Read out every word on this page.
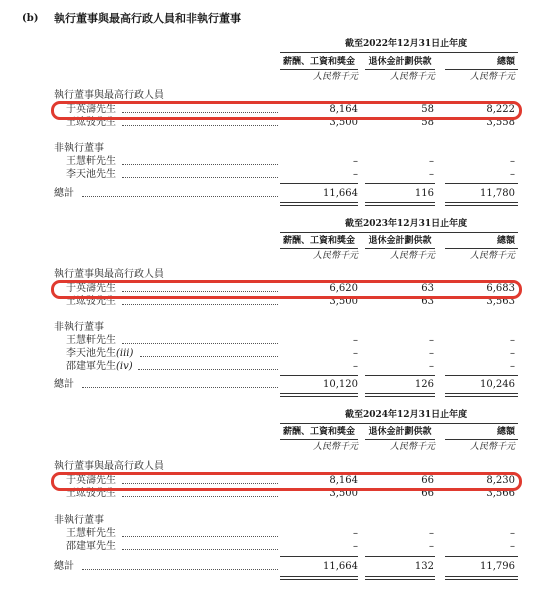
(b) 執行董事與最高行政人員和非執行董事
截至2022年12月31日止年度
薪酬、工資和獎金	退休金計劃供款	總額
人民幣千元	人民幣千元	人民幣千元
執行董事與最高行政人員
于英濤先生	8,164	58	8,222
王竑弢先生	3,500	58	3,558
非執行董事
王慧軒先生	–	–	–
李天池先生	–	–	–
總計	11,664	116	11,780
截至2023年12月31日止年度
薪酬、工資和獎金	退休金計劃供款	總額
人民幣千元	人民幣千元	人民幣千元
執行董事與最高行政人員
于英濤先生	6,620	63	6,683
王竑弢先生	3,500	63	3,563
非執行董事
王慧軒先生	–	–	–
李天池先生(iii)	–	–	–
邵建軍先生(iv)	–	–	–
總計	10,120	126	10,246
截至2024年12月31日止年度
薪酬、工資和獎金	退休金計劃供款	總額
人民幣千元	人民幣千元	人民幣千元
執行董事與最高行政人員
于英濤先生	8,164	66	8,230
王竑弢先生	3,500	66	3,566
非執行董事
王慧軒先生	–	–	–
邵建軍先生	–	–	–
總計	11,664	132	11,796
